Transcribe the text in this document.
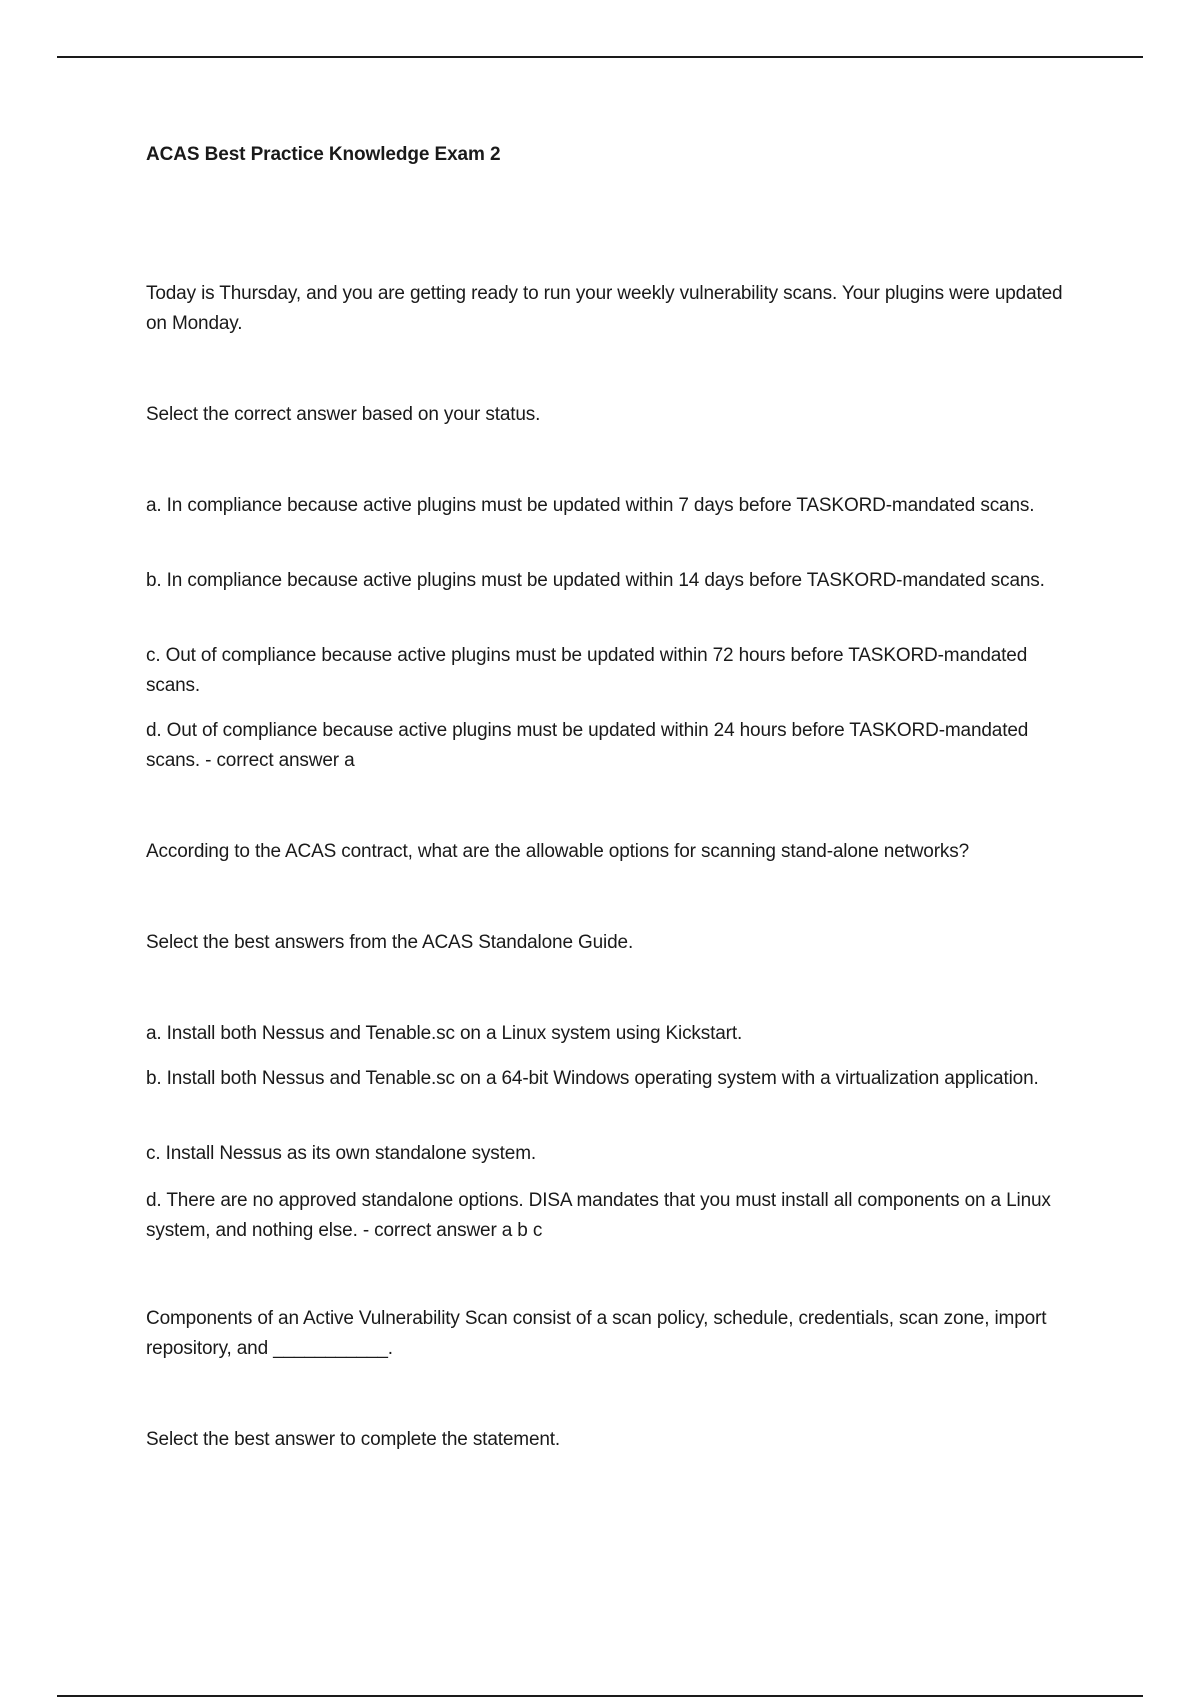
ACAS Best Practice Knowledge Exam 2
Today is Thursday, and you are getting ready to run your weekly vulnerability scans. Your plugins were updated on Monday.
Select the correct answer based on your status.
a. In compliance because active plugins must be updated within 7 days before TASKORD-mandated scans.
b. In compliance because active plugins must be updated within 14 days before TASKORD-mandated scans.
c. Out of compliance because active plugins must be updated within 72 hours before TASKORD-mandated scans.
d. Out of compliance because active plugins must be updated within 24 hours before TASKORD-mandated scans. - correct answer a
According to the ACAS contract, what are the allowable options for scanning stand-alone networks?
Select the best answers from the ACAS Standalone Guide.
a. Install both Nessus and Tenable.sc on a Linux system using Kickstart.
b. Install both Nessus and Tenable.sc on a 64-bit Windows operating system with a virtualization application.
c. Install Nessus as its own standalone system.
d. There are no approved standalone options. DISA mandates that you must install all components on a Linux system, and nothing else. - correct answer a b c
Components of an Active Vulnerability Scan consist of a scan policy, schedule, credentials, scan zone, import repository, and ___________.
Select the best answer to complete the statement.
